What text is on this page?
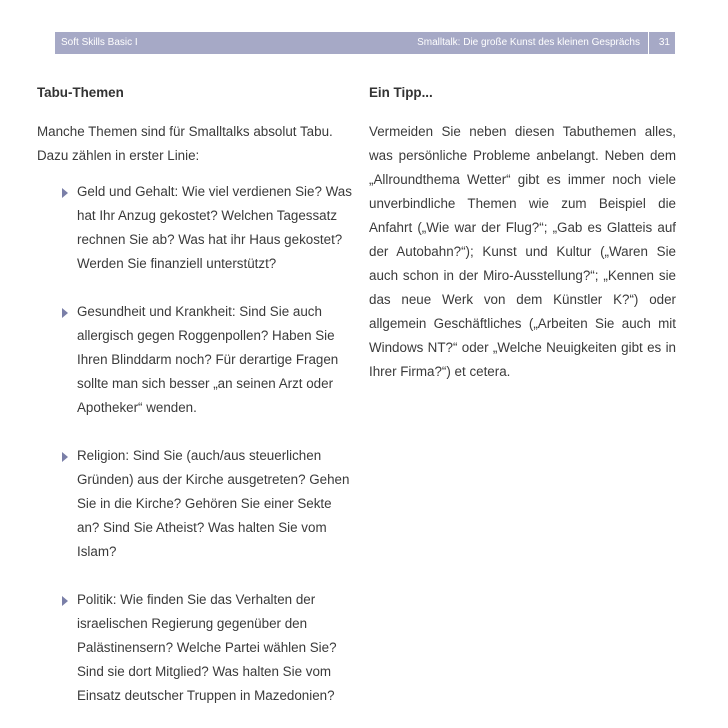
Soft Skills Basic I	Smalltalk: Die große Kunst des kleinen Gesprächs 31
Tabu-Themen

Manche Themen sind für Smalltalks absolut Tabu. Dazu zählen in erster Linie:

Geld und Gehalt: Wie viel verdienen Sie? Was hat Ihr Anzug gekostet? Welchen Tagessatz rechnen Sie ab? Was hat ihr Haus gekostet? Werden Sie finanziell unterstützt?
Gesundheit und Krankheit: Sind Sie auch allergisch gegen Roggenpollen? Haben Sie Ihren Blinddarm noch? Für derartige Fragen sollte man sich besser „an seinen Arzt oder Apotheker“ wenden.
Religion: Sind Sie (auch/aus steuerlichen Gründen) aus der Kirche ausgetreten? Gehen Sie in die Kirche? Gehören Sie einer Sekte an? Sind Sie Atheist? Was halten Sie vom Islam?
Politik: Wie finden Sie das Verhalten der israelischen Regierung gegenüber den Palästinensern? Welche Partei wählen Sie? Sind sie dort Mitglied? Was halten Sie vom Einsatz deutscher Truppen in Mazedonien?
Ein Tipp...

Vermeiden Sie neben diesen Tabuthemen alles, was persönliche Probleme anbelangt. Neben dem „Allroundthema Wetter“ gibt es immer noch viele unverbindliche Themen wie zum Beispiel die Anfahrt („Wie war der Flug?“; „Gab es Glatteis auf der Autobahn?“); Kunst und Kultur („Waren Sie auch schon in der Miro-Ausstellung?“; „Kennen sie das neue Werk von dem Künstler K?“) oder allgemein Geschäftliches („Arbeiten Sie auch mit Windows NT?“ oder „Welche Neuigkeiten gibt es in Ihrer Firma?“) et cetera.
